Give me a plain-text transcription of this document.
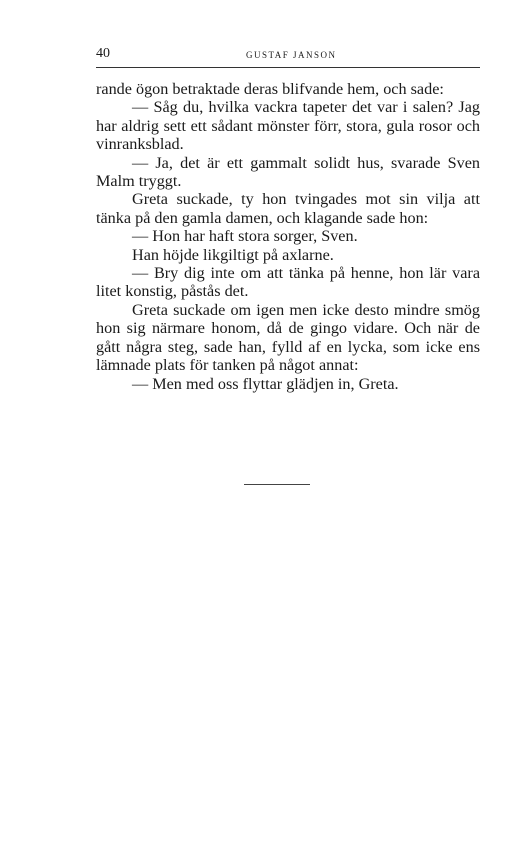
40	GUSTAF JANSON

rande ögon betraktade deras blifvande hem, och sade:

— Såg du, hvilka vackra tapeter det var i salen? Jag har aldrig sett ett sådant mönster förr, stora, gula rosor och vinranksblad.

— Ja, det är ett gammalt solidt hus, svarade Sven Malm tryggt.

Greta suckade, ty hon tvingades mot sin vilja att tänka på den gamla damen, och klagande sade hon:

— Hon har haft stora sorger, Sven.

Han höjde likgiltigt på axlarne.

— Bry dig inte om att tänka på henne, hon lär vara litet konstig, påstås det.

Greta suckade om igen men icke desto mindre smög hon sig närmare honom, då de gingo vidare. Och när de gått några steg, sade han, fylld af en lycka, som icke ens lämnade plats för tanken på något annat:

— Men med oss flyttar glädjen in, Greta.
